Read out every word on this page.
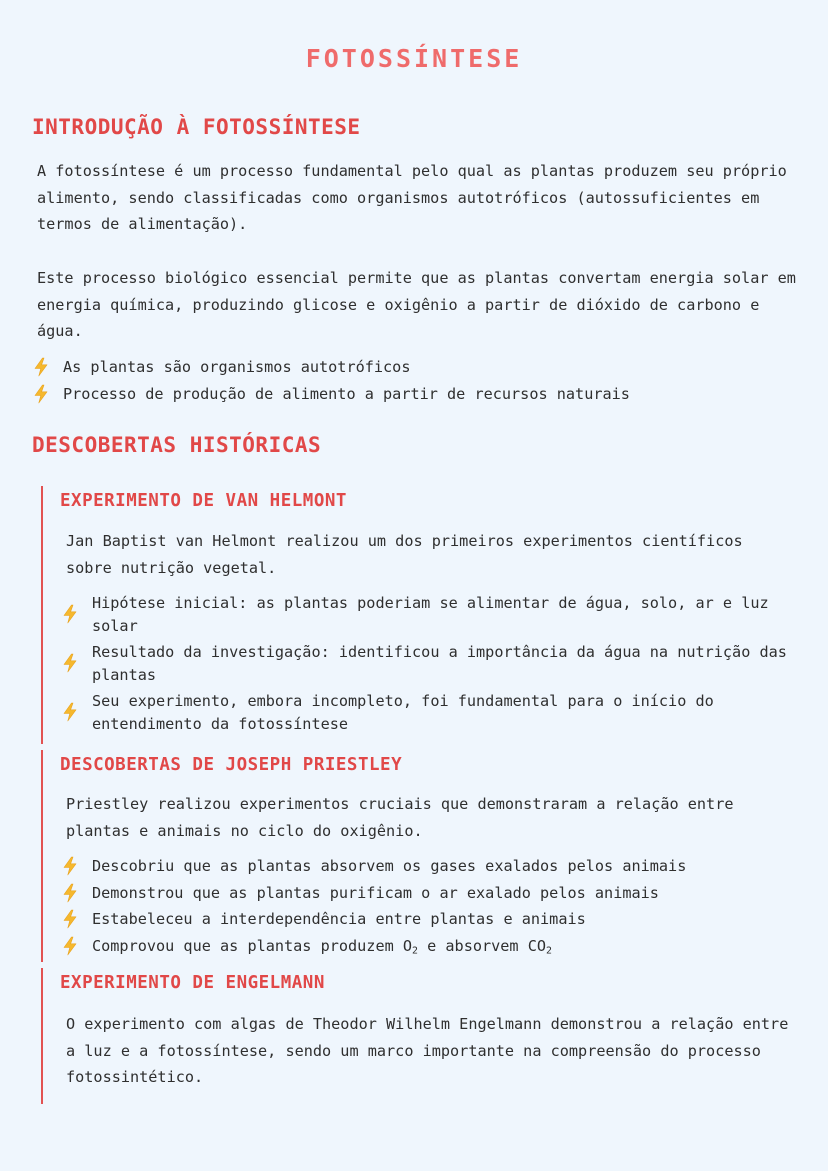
FOTOSSÍNTESE
INTRODUÇÃO À FOTOSSÍNTESE
A fotossíntese é um processo fundamental pelo qual as plantas produzem seu próprio alimento, sendo classificadas como organismos autotróficos (autossuficientes em termos de alimentação).
Este processo biológico essencial permite que as plantas convertam energia solar em energia química, produzindo glicose e oxigênio a partir de dióxido de carbono e água.
As plantas são organismos autotróficos
Processo de produção de alimento a partir de recursos naturais
DESCOBERTAS HISTÓRICAS
EXPERIMENTO DE VAN HELMONT
Jan Baptist van Helmont realizou um dos primeiros experimentos científicos sobre nutrição vegetal.
Hipótese inicial: as plantas poderiam se alimentar de água, solo, ar e luz solar
Resultado da investigação: identificou a importância da água na nutrição das plantas
Seu experimento, embora incompleto, foi fundamental para o início do entendimento da fotossíntese
DESCOBERTAS DE JOSEPH PRIESTLEY
Priestley realizou experimentos cruciais que demonstraram a relação entre plantas e animais no ciclo do oxigênio.
Descobriu que as plantas absorvem os gases exalados pelos animais
Demonstrou que as plantas purificam o ar exalado pelos animais
Estabeleceu a interdependência entre plantas e animais
Comprovou que as plantas produzem $O_2$ e absorvem $CO_2$
EXPERIMENTO DE ENGELMANN
O experimento com algas de Theodor Wilhelm Engelmann demonstrou a relação entre a luz e a fotossíntese, sendo um marco importante na compreensão do processo fotossintético.
